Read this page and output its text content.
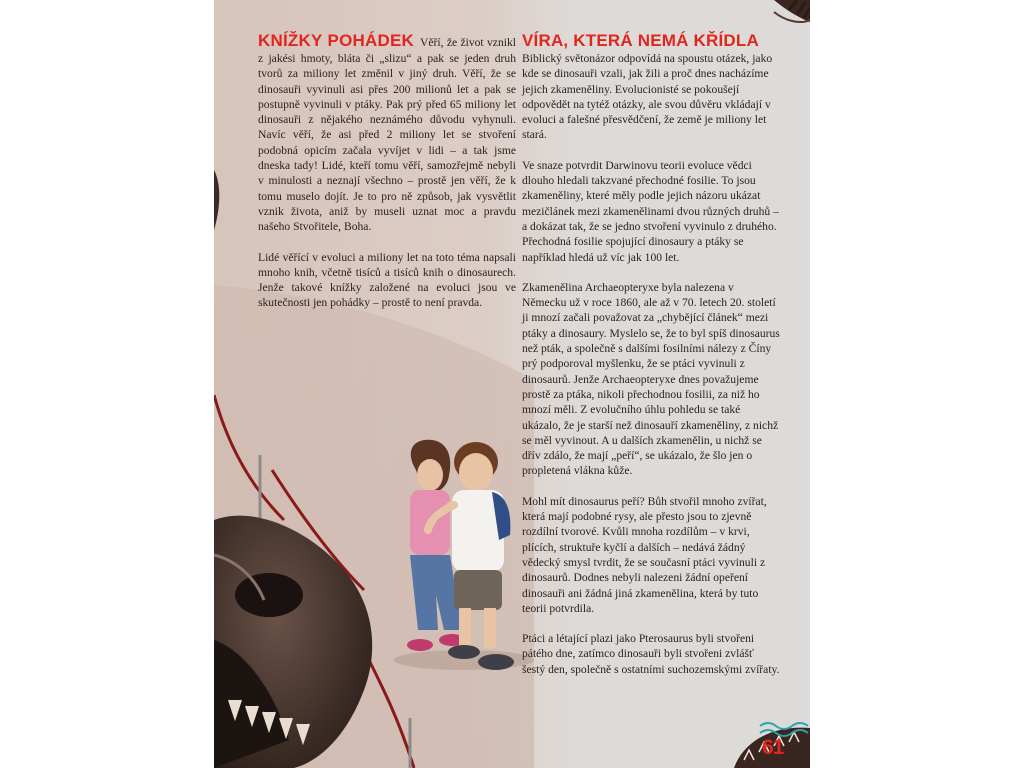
KNÍŽKY POHÁDEK Věří, že život vznikl z jakési hmoty, bláta či „slizu“ a pak se jeden druh tvorů za miliony let změnil v jiný druh. Věří, že se dinosauři vyvinuli asi přes 200 milionů let a pak se postupně vyvinuli v ptáky. Pak prý před 65 miliony let dinosauři z nějakého neznámého důvodu vyhynuli. Navíc věří, že asi před 2 miliony let se stvoření podobná opicím začala vyvíjet v lidi – a tak jsme dneska tady! Lidé, kteří tomu věří, samozřejmě nebyli v minulosti a neznají všechno – prostě jen věří, že k tomu muselo dojít. Je to pro ně způsob, jak vysvětlit vznik života, aniž by museli uznat moc a pravdu našeho Stvořitele, Boha.

Lidé věřící v evoluci a miliony let na toto téma napsali mnoho knih, včetně tisíců a tisíců knih o dinosaurech. Jenže takové knížky založené na evoluci jsou ve skutečnosti jen pohádky – prostě to není pravda.

VÍRA, KTERÁ NEMÁ KŘÍDLA

Biblický světonázor odpovídá na spoustu otázek, jako kde se dinosauři vzali, jak žili a proč dnes nacházíme jejich zkameněliny. Evolucionisté se pokoušejí odpovědět na tytéž otázky, ale svou důvěru vkládají v evoluci a falešné přesvědčení, že země je miliony let stará.

Ve snaze potvrdit Darwinovu teorii evoluce vědci dlouho hledali takzvané přechodné fosilie. To jsou zkameněliny, které měly podle jejich názoru ukázat mezičlánek mezi zkamenělinami dvou různých druhů – a dokázat tak, že se jedno stvoření vyvinulo z druhého. Přechodná fosilie spojující dinosaury a ptáky se například hledá už víc jak 100 let.

Zkamenělina Archaeopteryxe byla nalezena v Německu už v roce 1860, ale až v 70. letech 20. století ji mnozí začali považovat za „chybějící článek“ mezi ptáky a dinosaury. Myslelo se, že to byl spíš dinosaurus než pták, a společně s dalšími fosilními nálezy z Číny prý podporoval myšlenku, že se ptáci vyvinuli z dinosaurů. Jenže Archaeopteryxe dnes považujeme prostě za ptáka, nikoli přechodnou fosilii, za niž ho mnozí měli. Z evolučního úhlu pohledu se také ukázalo, že je starší než dinosauří zkameněliny, z nichž se měl vyvinout. A u dalších zkamenělin, u nichž se dřív zdálo, že mají „peří“, se ukázalo, že šlo jen o propletená vlákna kůže.

Mohl mít dinosaurus peří? Bůh stvořil mnoho zvířat, která mají podobné rysy, ale přesto jsou to zjevně rozdílní tvorové. Kvůli mnoha rozdílům – v krvi, plících, struktuře kyčlí a dalších – nedává žádný vědecký smysl tvrdit, že se současní ptáci vyvinuli z dinosaurů. Dodnes nebyli nalezeni žádní opeření dinosauři ani žádná jiná zkamenělina, která by tuto teorii potvrdila.

Ptáci a létající plazi jako Pterosaurus byli stvořeni pátého dne, zatímco dinosauři byli stvořeni zvlášť šestý den, společně s ostatními suchozemskými zvířaty.

61
